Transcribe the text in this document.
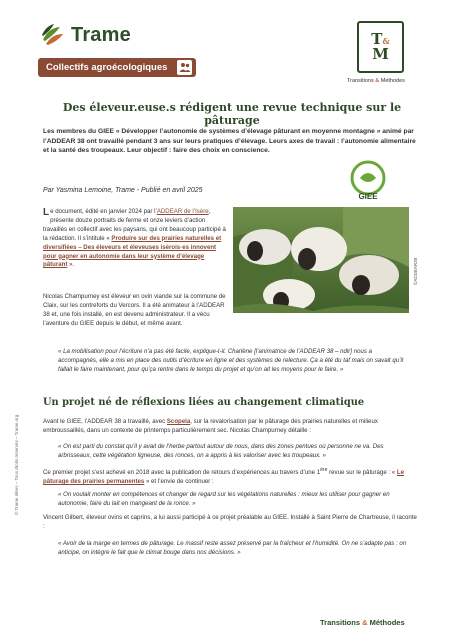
Trame
Collectifs agroécologiques
T&
M
Transitions & Méthodes
Des éleveur.euse.s rédigent une revue technique sur le pâturage

Les membres du GIEE « Développer l’autonomie de systèmes d’élevage pâturant en moyenne montagne » animé par l’ADDEAR 38 ont travaillé pendant 3 ans sur leurs pratiques d’élevage. Leurs axes de travail : l’autonomie alimentaire et la santé des troupeaux. Leur objectif : faire des choix en conscience.

GIEE
Par Yasmina Lemoine, Trame - Publié en avril 2025
©ADDEAR38
Le document, édité en janvier 2024 par l’ADDEAR de l’Isère, présente douze portraits de ferme et onze leviers d’action travaillés en collectif avec les paysans, qui ont beaucoup participé à la rédaction. Il s’intitule « Produire sur des prairies naturelles et diversifiées – Des éleveurs et éleveuses isérois·es innovent pour gagner en autonomie dans leur système d’élevage pâturant ».

Nicolas Champurney est éleveur en ovin viande sur la commune de Claix, sur les contreforts du Vercors. Il a été animateur à l’ADDEAR 38 et, une fois installé, en est devenu administrateur. Il a vécu l’aventure du GIEE depuis le début, et même avant.

« La mobilisation pour l’écriture n’a pas été facile, explique-t-il. Charlène [l’animatrice de l’ADDEAR 38 – ndlr] nous a accompagnés, elle a mis en place des outils d’écriture en ligne et des systèmes de relecture. Ça a été du taf mais on savait qu’il fallait le faire maintenant, pour qu’ça rentre dans le temps du projet et qu’on ait les moyens pour le faire. »

Un projet né de réflexions liées au changement climatique
Avant le GIEE, l’ADDEAR 38 a travaillé, avec Scopela, sur la revalorisation par le pâturage des prairies naturelles et milieux embroussaillés, dans un contexte de printemps particulièrement sec. Nicolas Champurney détaille :

« On est parti du constat qu’il y avait de l’herbe partout autour de nous, dans des zones pentues où personne ne va. Des arbrisseaux, cette végétation ligneuse, des ronces, on a appris à les valoriser avec les troupeaux. »

Ce premier projet s’est achevé en 2018 avec la publication de retours d’expériences au travers d’une 1ère revue sur le pâturage : « Le pâturage des prairies permanentes » et l’envie de continuer :

« On voulait monter en compétences et changer de regard sur les végétations naturelles : mieux les utiliser pour gagner en autonomie, faire du lait en mangeant de la ronce. »

Vincent Gilbert, éleveur ovins et caprins, a lui aussi participé à ce projet préalable au GIEE. Installé à Saint Pierre de Chartreuse, il raconte :

« Avoir de la marge en termes de pâturage. Le massif reste assez préservé par la fraîcheur et l’humidité. On ne s’adapte pas : on anticipe, on intègre le fait que le climat bouge dans nos décisions. »

© Trame Idées – Tous droits réservés – Trame.org
Transitions & Méthodes
